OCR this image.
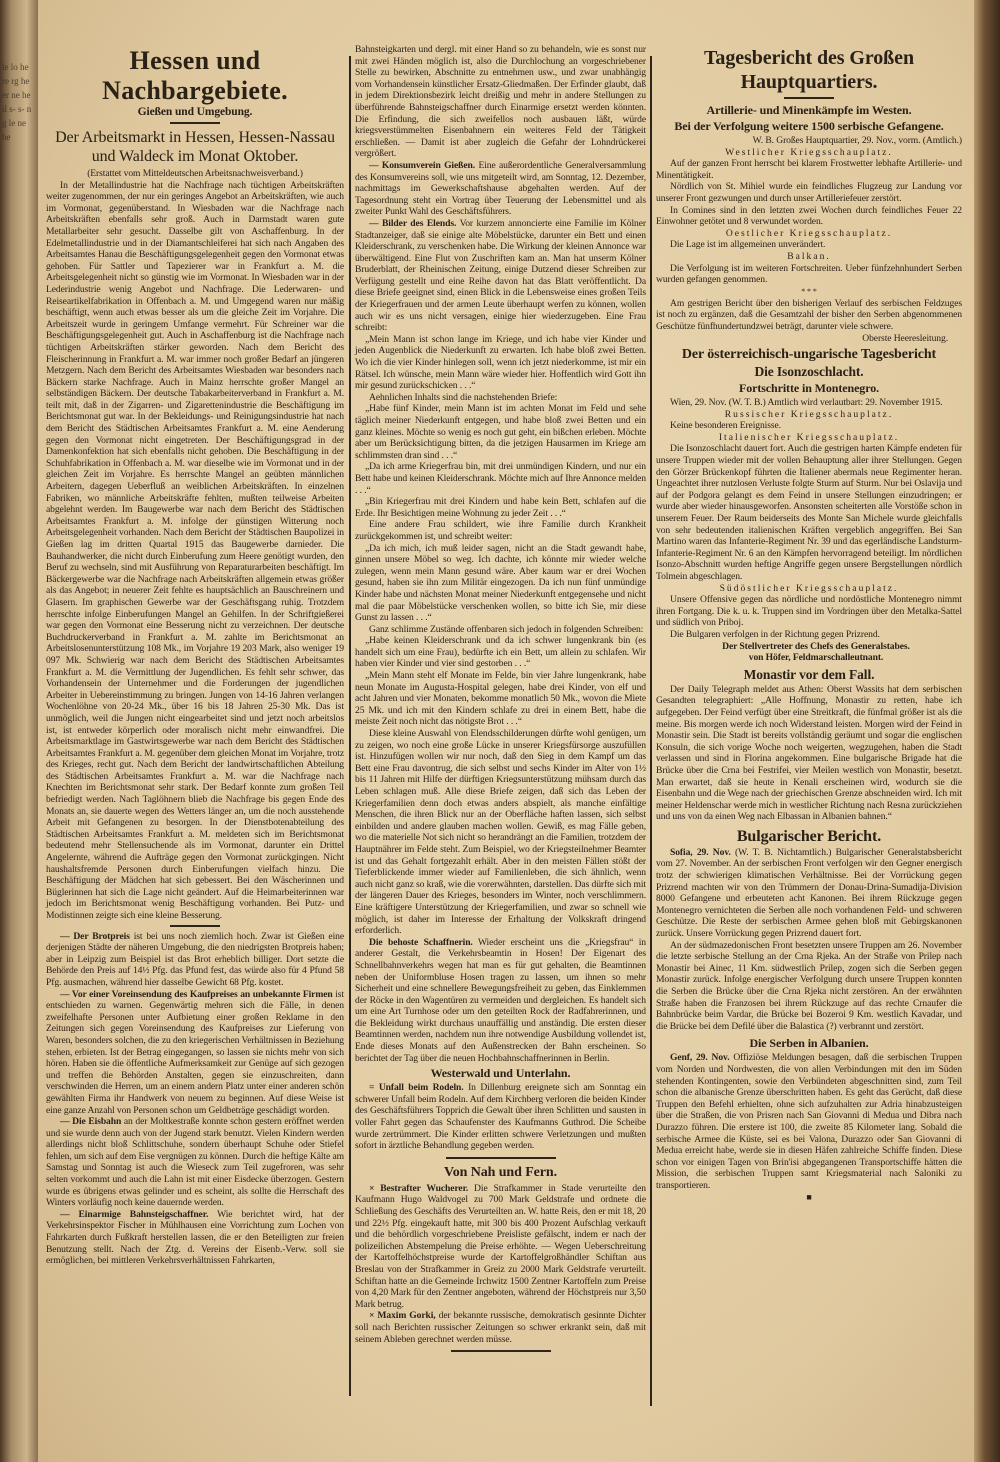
le lo he re rg he er ne he il s- s- ng le ne he
Hessen und Nachbargebiete.
Gießen und Umgebung.
Der Arbeitsmarkt in Hessen, Hessen-Nassau und Waldeck im Monat Oktober.
(Erstattet vom Mitteldeutschen Arbeitsnachweisverband.)

In der Metallindustrie hat die Nachfrage nach tüchtigen Arbeitskräften weiter zugenommen, der nur ein geringes Angebot an Arbeitskräften, wie auch im Vormonat, gegenüberstand. In Wiesbaden war die Nachfrage nach Arbeitskräften ebenfalls sehr groß. Auch in Darmstadt waren gute Metallarbeiter sehr gesucht. Dasselbe gilt von Aschaffenburg. In der Edelmetallindustrie und in der Diamantschleiferei hat sich nach Angaben des Arbeitsamtes Hanau die Beschäftigungsgelegenheit gegen den Vormonat etwas gehoben. Für Sattler und Tapezierer war in Frankfurt a. M. die Arbeitsgelegenheit nicht so günstig wie im Vormonat. In Wiesbaden war in der Lederindustrie wenig Angebot und Nachfrage. Die Lederwaren- und Reiseartikelfabrikation in Offenbach a. M. und Umgegend waren nur mäßig beschäftigt, wenn auch etwas besser als um die gleiche Zeit im Vorjahre. Die Arbeitszeit wurde in geringem Umfange vermehrt. Für Schreiner war die Beschäftigungsgelegenheit gut. Auch in Aschaffenburg ist die Nachfrage nach tüchtigen Arbeitskräften stärker geworden. Nach dem Bericht des Fleischerinnung in Frankfurt a. M. war immer noch großer Bedarf an jüngeren Metzgern. Nach dem Bericht des Arbeitsamtes Wiesbaden war besonders nach Bäckern starke Nachfrage. Auch in Mainz herrschte großer Mangel an selbständigen Bäckern. Der deutsche Tabakarbeiterverband in Frankfurt a. M. teilt mit, daß in der Zigarren- und Zigarettenindustrie die Beschäftigung im Berichtsmonat gut war. In der Bekleidungs- und Reinigungsindustrie hat nach dem Bericht des Städtischen Arbeitsamtes Frankfurt a. M. eine Aenderung gegen den Vormonat nicht eingetreten. Der Beschäftigungsgrad in der Damenkonfektion hat sich ebenfalls nicht gehoben. Die Beschäftigung in der Schuhfabrikation in Offenbach a. M. war dieselbe wie im Vormonat und in der gleichen Zeit im Vorjahre. Es herrschte Mangel an geübten männlichen Arbeitern, dagegen Ueberfluß an weiblichen Arbeitskräften. In einzelnen Fabriken, wo männliche Arbeitskräfte fehlten, mußten teilweise Arbeiten abgelehnt werden. Im Baugewerbe war nach dem Bericht des Städtischen Arbeitsamtes Frankfurt a. M. infolge der günstigen Witterung noch Arbeitsgelegenheit vorhanden. Nach dem Bericht der Städtischen Baupolizei in Gießen lag im dritten Quartal 1915 das Baugewerbe darnieder. Die Bauhandwerker, die nicht durch Einberufung zum Heere genötigt wurden, den Beruf zu wechseln, sind mit Ausführung von Reparaturarbeiten beschäftigt. Im Bäckergewerbe war die Nachfrage nach Arbeitskräften allgemein etwas größer als das Angebot; in neuerer Zeit fehlte es hauptsächlich an Bauschreinern und Glasern. Im graphischen Gewerbe war der Geschäftsgang ruhig. Trotzdem herrschte infolge Einberufungen Mangel an Gehilfen. In der Schriftgießerei war gegen den Vormonat eine Besserung nicht zu verzeichnen. Der deutsche Buchdruckerverband in Frankfurt a. M. zahlte im Berichtsmonat an Arbeitslosenunterstützung 108 Mk., im Vorjahre 19 203 Mark, also weniger 19 097 Mk. Schwierig war nach dem Bericht des Städtischen Arbeitsamtes Frankfurt a. M. die Vermittlung der Jugendlichen. Es fehlt sehr schwer, das Vorhandensein der Unternehmer und die Forderungen der jugendlichen Arbeiter in Uebereinstimmung zu bringen. Jungen von 14-16 Jahren verlangen Wochenlöhne von 20-24 Mk., über 16 bis 18 Jahren 25-30 Mk. Das ist unmöglich, weil die Jungen nicht eingearbeitet sind und jetzt noch arbeitslos ist, ist entweder körperlich oder moralisch nicht mehr einwandfrei. Die Arbeitsmarktlage im Gastwirtsgewerbe war nach dem Bericht des Städtischen Arbeitsamtes Frankfurt a. M. gegenüber dem gleichen Monat im Vorjahre, trotz des Krieges, recht gut. Nach dem Bericht der landwirtschaftlichen Abteilung des Städtischen Arbeitsamtes Frankfurt a. M. war die Nachfrage nach Knechten im Berichtsmonat sehr stark. Der Bedarf konnte zum großen Teil befriedigt werden. Nach Taglöhnern blieb die Nachfrage bis gegen Ende des Monats an, sie dauerte wegen des Wetters länger an, um die noch ausstehende Arbeit mit Gefangenen zu besorgen. In der Dienstbotenabteilung des Städtischen Arbeitsamtes Frankfurt a. M. meldeten sich im Berichtsmonat bedeutend mehr Stellensuchende als im Vormonat, darunter ein Drittel Angelernte, während die Aufträge gegen den Vormonat zurückgingen. Nicht haushaltsfremde Personen durch Einberufungen vielfach hinzu. Die Beschäftigung der Mädchen hat sich gebessert. Bei den Wäscherinnen und Büglerinnen hat sich die Lage nicht geändert. Auf die Heimarbeiterinnen war jedoch im Berichtsmonat wenig Beschäftigung vorhanden. Bei Putz- und Modistinnen zeigte sich eine kleine Besserung.

— Der Brotpreis ist bei uns noch ziemlich hoch. Zwar ist Gießen eine derjenigen Städte der näheren Umgebung, die den niedrigsten Brotpreis haben; aber in Leipzig zum Beispiel ist das Brot erheblich billiger. Dort setzte die Behörde den Preis auf 14½ Pfg. das Pfund fest, das würde also für 4 Pfund 58 Pfg. ausmachen, während hier dasselbe Gewicht 68 Pfg. kostet.

— Vor einer Voreinsendung des Kaufpreises an unbekannte Firmen ist entschieden zu warnen. Gegenwärtig mehren sich die Fälle, in denen zweifelhafte Personen unter Aufbietung einer großen Reklame in den Zeitungen sich gegen Voreinsendung des Kaufpreises zur Lieferung von Waren, besonders solchen, die zu den kriegerischen Verhältnissen in Beziehung stehen, erbieten. Ist der Betrag eingegangen, so lassen sie nichts mehr von sich hören. Haben sie die öffentliche Aufmerksamkeit zur Genüge auf sich gezogen und treffen die Behörden Anstalten, gegen sie einzuschreiten, dann verschwinden die Herren, um an einem andern Platz unter einer anderen schön gewählten Firma ihr Handwerk von neuem zu beginnen. Auf diese Weise ist eine ganze Anzahl von Personen schon um Geldbeträge geschädigt worden.

— Die Eisbahn an der Moltkestraße konnte schon gestern eröffnet werden und sie wurde denn auch von der Jugend stark benutzt. Vielen Kindern werden allerdings nicht bloß Schlittschuhe, sondern überhaupt Schuhe oder Stiefel fehlen, um sich auf dem Eise vergnügen zu können. Durch die heftige Kälte am Samstag und Sonntag ist auch die Wieseck zum Teil zugefroren, was sehr selten vorkommt und auch die Lahn ist mit einer Eisdecke überzogen. Gestern wurde es übrigens etwas gelinder und es scheint, als sollte die Herrschaft des Winters vorläufig noch keine dauernde werden.

— Einarmige Bahnsteigschaffner. Wie berichtet wird, hat der Verkehrsinspektor Fischer in Mühlhausen eine Vorrichtung zum Lochen von Fahrkarten durch Fußkraft herstellen lassen, die er den Beteiligten zur freien Benutzung stellt. Nach der Ztg. d. Vereins der Eisenb.-Verw. soll sie ermöglichen, bei mittleren Verkehrsverhältnissen Fahrkarten,

Bahnsteigkarten und dergl. mit einer Hand so zu behandeln, wie es sonst nur mit zwei Händen möglich ist, also die Durchlochung an vorgeschriebener Stelle zu bewirken, Abschnitte zu entnehmen usw., und zwar unabhängig vom Vorhandensein künstlicher Ersatz-Gliedmaßen. Der Erfinder glaubt, daß in jedem Direktionsbezirk leicht dreißig und mehr in andere Stellungen zu überführende Bahnsteigschaffner durch Einarmige ersetzt werden könnten. Die Erfindung, die sich zweifellos noch ausbauen läßt, würde kriegsverstümmelten Eisenbahnern ein weiteres Feld der Tätigkeit erschließen. — Damit ist aber zugleich die Gefahr der Lohndrückerei vergrößert.

— Konsumverein Gießen. Eine außerordentliche Generalversammlung des Konsumvereins soll, wie uns mitgeteilt wird, am Sonntag, 12. Dezember, nachmittags im Gewerkschaftshause abgehalten werden. Auf der Tagesordnung steht ein Vortrag über Teuerung der Lebensmittel und als zweiter Punkt Wahl des Geschäftsführers.

— Bilder des Elends. Vor kurzem annoncierte eine Familie im Kölner Stadtanzeiger, daß sie einige alte Möbelstücke, darunter ein Bett und einen Kleiderschrank, zu verschenken habe. Die Wirkung der kleinen Annonce war überwältigend. Eine Flut von Zuschriften kam an. Man hat unserm Kölner Bruderblatt, der Rheinischen Zeitung, einige Dutzend dieser Schreiben zur Verfügung gestellt und eine Reihe davon hat das Blatt veröffentlicht. Da diese Briefe geeignet sind, einen Blick in die Lebensweise eines großen Teils der Kriegerfrauen und der armen Leute überhaupt werfen zu können, wollen auch wir es uns nicht versagen, einige hier wiederzugeben. Eine Frau schreibt:

„Mein Mann ist schon lange im Kriege, und ich habe vier Kinder und jeden Augenblick die Niederkunft zu erwarten. Ich habe bloß zwei Betten. Wo ich die vier Kinder hinlegen soll, wenn ich jetzt niederkomme, ist mir ein Rätsel. Ich wünsche, mein Mann wäre wieder hier. Hoffentlich wird Gott ihn mir gesund zurückschicken . . .“

Aehnlichen Inhalts sind die nachstehenden Briefe:

„Habe fünf Kinder, mein Mann ist im achten Monat im Feld und sehe täglich meiner Niederkunft entgegen, und habe bloß zwei Betten und ein ganz kleines. Möchte so wenig es noch gut geht, ein bißchen erleben. Möchte aber um Berücksichtigung bitten, da die jetzigen Hausarmen im Kriege am schlimmsten dran sind . . .“

„Da ich arme Kriegerfrau bin, mit drei unmündigen Kindern, und nur ein Bett habe und keinen Kleiderschrank. Möchte mich auf Ihre Annonce melden . . .“

„Bin Kriegerfrau mit drei Kindern und habe kein Bett, schlafen auf die Erde. Ihr Besichtigen meine Wohnung zu jeder Zeit . . .“

Eine andere Frau schildert, wie ihre Familie durch Krankheit zurückgekommen ist, und schreibt weiter:

„Da ich mich, ich muß leider sagen, nicht an die Stadt gewandt habe, ginnen unsere Möbel so weg. Ich dachte, ich könnte mir wieder welche zulegen, wenn mein Mann gesund wäre. Aber kaum war er drei Wochen gesund, haben sie ihn zum Militär eingezogen. Da ich nun fünf unmündige Kinder habe und nächsten Monat meiner Niederkunft entgegensehe und nicht mal die paar Möbelstücke verschenken wollen, so bitte ich Sie, mir diese Gunst zu lassen . . .“

Ganz schlimme Zustände offenbaren sich jedoch in folgenden Schreiben:

„Habe keinen Kleiderschrank und da ich schwer lungenkrank bin (es handelt sich um eine Frau), bedürfte ich ein Bett, um allein zu schlafen. Wir haben vier Kinder und vier sind gestorben . . .“

„Mein Mann steht elf Monate im Felde, bin vier Jahre lungenkrank, habe neun Monate im Augusta-Hospital gelegen, habe drei Kinder, von elf und acht Jahren und vier Monaten, bekomme monatlich 50 Mk., wovon die Miete 25 Mk. und ich mit den Kindern schlafe zu drei in einem Bett, habe die meiste Zeit noch nicht das nötigste Brot . . .“

Diese kleine Auswahl von Elendsschilderungen dürfte wohl genügen, um zu zeigen, wo noch eine große Lücke in unserer Kriegsfürsorge auszufüllen ist. Hinzufügen wollen wir nur noch, daß den Sieg in dem Kampf um das Bett eine Frau davontrug, die sich selbst und sechs Kinder im Alter von 1½ bis 11 Jahren mit Hilfe der dürftigen Kriegsunterstützung mühsam durch das Leben schlagen muß. Alle diese Briefe zeigen, daß sich das Leben der Kriegerfamilien denn doch etwas anders abspielt, als manche einfältige Menschen, die ihren Blick nur an der Oberfläche haften lassen, sich selbst einbilden und andere glauben machen wollen. Gewiß, es mag Fälle geben, wo die materielle Not sich nicht so herandrängt an die Familien, trotzdem der Hauptnährer im Felde steht. Zum Beispiel, wo der Kriegsteilnehmer Beamter ist und das Gehalt fortgezahlt erhält. Aber in den meisten Fällen stößt der Tieferblickende immer wieder auf Familienleben, die sich ähnlich, wenn auch nicht ganz so kraß, wie die vorerwähnten, darstellen. Das dürfte sich mit der längeren Dauer des Krieges, besonders im Winter, noch verschlimmern. Eine kräftigere Unterstützung der Kriegerfamilien, und zwar so schnell wie möglich, ist daher im Interesse der Erhaltung der Volkskraft dringend erforderlich.

Die behoste Schaffnerin. Wieder erscheint uns die „Kriegsfrau“ in anderer Gestalt, die Verkehrsbeamtin in Hosen! Der Eigenart des Schnellbahnverkehrs wegen hat man es für gut gehalten, die Beamtinnen neben der Uniformbluse Hosen tragen zu lassen, um ihnen so mehr Sicherheit und eine schnellere Bewegungsfreiheit zu geben, das Einklemmen der Röcke in den Wagentüren zu vermeiden und dergleichen. Es handelt sich um eine Art Turnhose oder um den geteilten Rock der Radfahrerinnen, und die Bekleidung wirkt durchaus unauffällig und anständig. Die ersten dieser Beamtinnen werden, nachdem nun ihre notwendige Ausbildung vollendet ist, Ende dieses Monats auf den Außenstrecken der Bahn erscheinen. So berichtet der Tag über die neuen Hochbahnschaffnerinnen in Berlin.

Westerwald und Unterlahn.

= Unfall beim Rodeln. In Dillenburg ereignete sich am Sonntag ein schwerer Unfall beim Rodeln. Auf dem Kirchberg verloren die beiden Kinder des Geschäftsführers Topprich die Gewalt über ihren Schlitten und sausten in voller Fahrt gegen das Schaufenster des Kaufmanns Guthrod. Die Scheibe wurde zertrümmert. Die Kinder erlitten schwere Verletzungen und mußten sofort in ärztliche Behandlung gegeben werden.

Von Nah und Fern.

× Bestrafter Wucherer. Die Strafkammer in Stade verurteilte den Kaufmann Hugo Waldvogel zu 700 Mark Geldstrafe und ordnete die Schließung des Geschäfts des Verurteilten an. W. hatte Reis, den er mit 18, 20 und 22½ Pfg. eingekauft hatte, mit 300 bis 400 Prozent Aufschlag verkauft und die behördlich vorgeschriebene Preisliste gefälscht, indem er nach der polizeilichen Abstempelung die Preise erhöhte. — Wegen Ueberschreitung der Kartoffelhöchstpreise wurde der Kartoffelgroßhändler Schiftan aus Breslau von der Strafkammer in Greiz zu 2000 Mark Geldstrafe verurteilt. Schiftan hatte an die Gemeinde Irchwitz 1500 Zentner Kartoffeln zum Preise von 4,20 Mark für den Zentner angeboten, während der Höchstpreis nur 3,50 Mark betrug.

× Maxim Gorki, der bekannte russische, demokratisch gesinnte Dichter soll nach Berichten russischer Zeitungen so schwer erkrankt sein, daß mit seinem Ableben gerechnet werden müsse.

Tagesbericht des Großen Hauptquartiers.
Artillerie- und Minenkämpfe im Westen.
Bei der Verfolgung weitere 1500 serbische Gefangene.

W. B. Großes Hauptquartier, 29. Nov., vorm. (Amtlich.)

Westlicher Kriegsschauplatz.

Auf der ganzen Front herrscht bei klarem Frostwetter lebhafte Artillerie- und Minentätigkeit.

Nördlich von St. Mihiel wurde ein feindliches Flugzeug zur Landung vor unserer Front gezwungen und durch unser Artilleriefeuer zerstört.

In Comines sind in den letzten zwei Wochen durch feindliches Feuer 22 Einwohner getötet und 8 verwundet worden.

Oestlicher Kriegsschauplatz.

Die Lage ist im allgemeinen unverändert.

Balkan.

Die Verfolgung ist im weiteren Fortschreiten. Ueber fünfzehnhundert Serben wurden gefangen genommen.

* * *

Am gestrigen Bericht über den bisherigen Verlauf des serbischen Feldzuges ist noch zu ergänzen, daß die Gesamtzahl der bisher den Serben abgenommenen Geschütze fünfhundertundzwei beträgt, darunter viele schwere.

Oberste Heeresleitung.

Der österreichisch-ungarische Tagesbericht
Die Isonzoschlacht.
Fortschritte in Montenegro.

Wien, 29. Nov. (W. T. B.) Amtlich wird verlautbart: 29. November 1915.

Russischer Kriegsschauplatz.

Keine besonderen Ereignisse.

Italienischer Kriegsschauplatz.

Die Isonzoschlacht dauert fort. Auch die gestrigen harten Kämpfe endeten für unsere Truppen wieder mit der vollen Behauptung aller ihrer Stellungen. Gegen den Görzer Brückenkopf führten die Italiener abermals neue Regimenter heran. Ungeachtet ihrer nutzlosen Verluste folgte Sturm auf Sturm. Nur bei Oslavija und auf der Podgora gelangt es dem Feind in unsere Stellungen einzudringen; er wurde aber wieder hinausgeworfen. Ansonsten scheiterten alle Vorstöße schon in unserem Feuer. Der Raum beiderseits des Monte San Michele wurde gleichfalls von sehr bedeutenden italienischen Kräften vergeblich angegriffen. Bei San Martino waren das Infanterie-Regiment Nr. 39 und das egerländische Landsturm-Infanterie-Regiment Nr. 6 an den Kämpfen hervorragend beteiligt. Im nördlichen Isonzo-Abschnitt wurden heftige Angriffe gegen unsere Bergstellungen nördlich Tolmein abgeschlagen.

Südöstlicher Kriegsschauplatz.

Unsere Offensive gegen das nördliche und nordöstliche Montenegro nimmt ihren Fortgang. Die k. u. k. Truppen sind im Vordringen über den Metalka-Sattel und südlich von Priboj.

Die Bulgaren verfolgen in der Richtung gegen Prizrend.

Der Stellvertreter des Chefs des Generalstabes.

von Höfer, Feldmarschalleutnant.

Monastir vor dem Fall.

Der Daily Telegraph meldet aus Athen: Oberst Wassits hat dem serbischen Gesandten telegraphiert: „Alle Hoffnung, Monastir zu retten, habe ich aufgegeben. Der Feind verfügt über eine Streitkraft, die fünfmal größer ist als die meine. Bis morgen werde ich noch Widerstand leisten. Morgen wird der Feind in Monastir sein. Die Stadt ist bereits vollständig geräumt und sogar die englischen Konsuln, die sich vorige Woche noch weigerten, wegzugehen, haben die Stadt verlassen und sind in Florina angekommen. Eine bulgarische Brigade hat die Brücke über die Crna bei Festrifei, vier Meilen westlich von Monastir, besetzt. Man erwartet, daß sie heute in Kenali erscheinen wird, wodurch sie die Eisenbahn und die Wege nach der griechischen Grenze abschneiden wird. Ich mit meiner Heldenschar werde mich in westlicher Richtung nach Resna zurückziehen und uns von da einen Weg nach Elbassan in Albanien bahnen.“

Bulgarischer Bericht.

Sofia, 29. Nov. (W. T. B. Nichtamtlich.) Bulgarischer Generalstabsbericht vom 27. November. An der serbischen Front verfolgen wir den Gegner energisch trotz der schwierigen klimatischen Verhältnisse. Bei der Vorrückung gegen Prizrend machten wir von den Trümmern der Donau-Drina-Sumadija-Division 8000 Gefangene und erbeuteten acht Kanonen. Bei ihrem Rückzuge gegen Montenegro vernichteten die Serben alle noch vorhandenen Feld- und schweren Geschütze. Die Reste der serbischen Armee gehen bloß mit Gebirgskanonen zurück. Unsere Vorrückung gegen Prizrend dauert fort.

An der südmazedonischen Front besetzten unsere Truppen am 26. November die letzte serbische Stellung an der Crna Rjeka. An der Straße von Prilep nach Monastir bei Ainec, 11 Km. südwestlich Prilep, zogen sich die Serben gegen Monastir zurück. Infolge energischer Verfolgung durch unsere Truppen konnten die Serben die Brücke über die Crna Rjeka nicht zerstören. An der erwähnten Straße haben die Franzosen bei ihrem Rückzuge auf das rechte Crnaufer die Bahnbrücke beim Vardar, die Brücke bei Bozeroi 9 Km. westlich Kavadar, und die Brücke bei dem Defilé über die Balastica (?) verbrannt und zerstört.

Die Serben in Albanien.

Genf, 29. Nov. Offiziöse Meldungen besagen, daß die serbischen Truppen vom Norden und Nordwesten, die von allen Verbindungen mit den im Süden stehenden Kontingenten, sowie den Verbündeten abgeschnitten sind, zum Teil schon die albanische Grenze überschritten haben. Es geht das Gerücht, daß diese Truppen den Befehl erhielten, ohne sich aufzuhalten zur Adria hinabzusteigen über die Straßen, die von Prisren nach San Giovanni di Medua und Dibra nach Durazzo führen. Die erstere ist 100, die zweite 85 Kilometer lang. Sobald die serbische Armee die Küste, sei es bei Valona, Durazzo oder San Giovanni di Medua erreicht habe, werde sie in diesen Häfen zahlreiche Schiffe finden. Diese schon vor einigen Tagen von Brin'isi abgegangenen Transportschiffe hätten die Mission, die serbischen Truppen samt Kriegsmaterial nach Saloniki zu transportieren.

■
